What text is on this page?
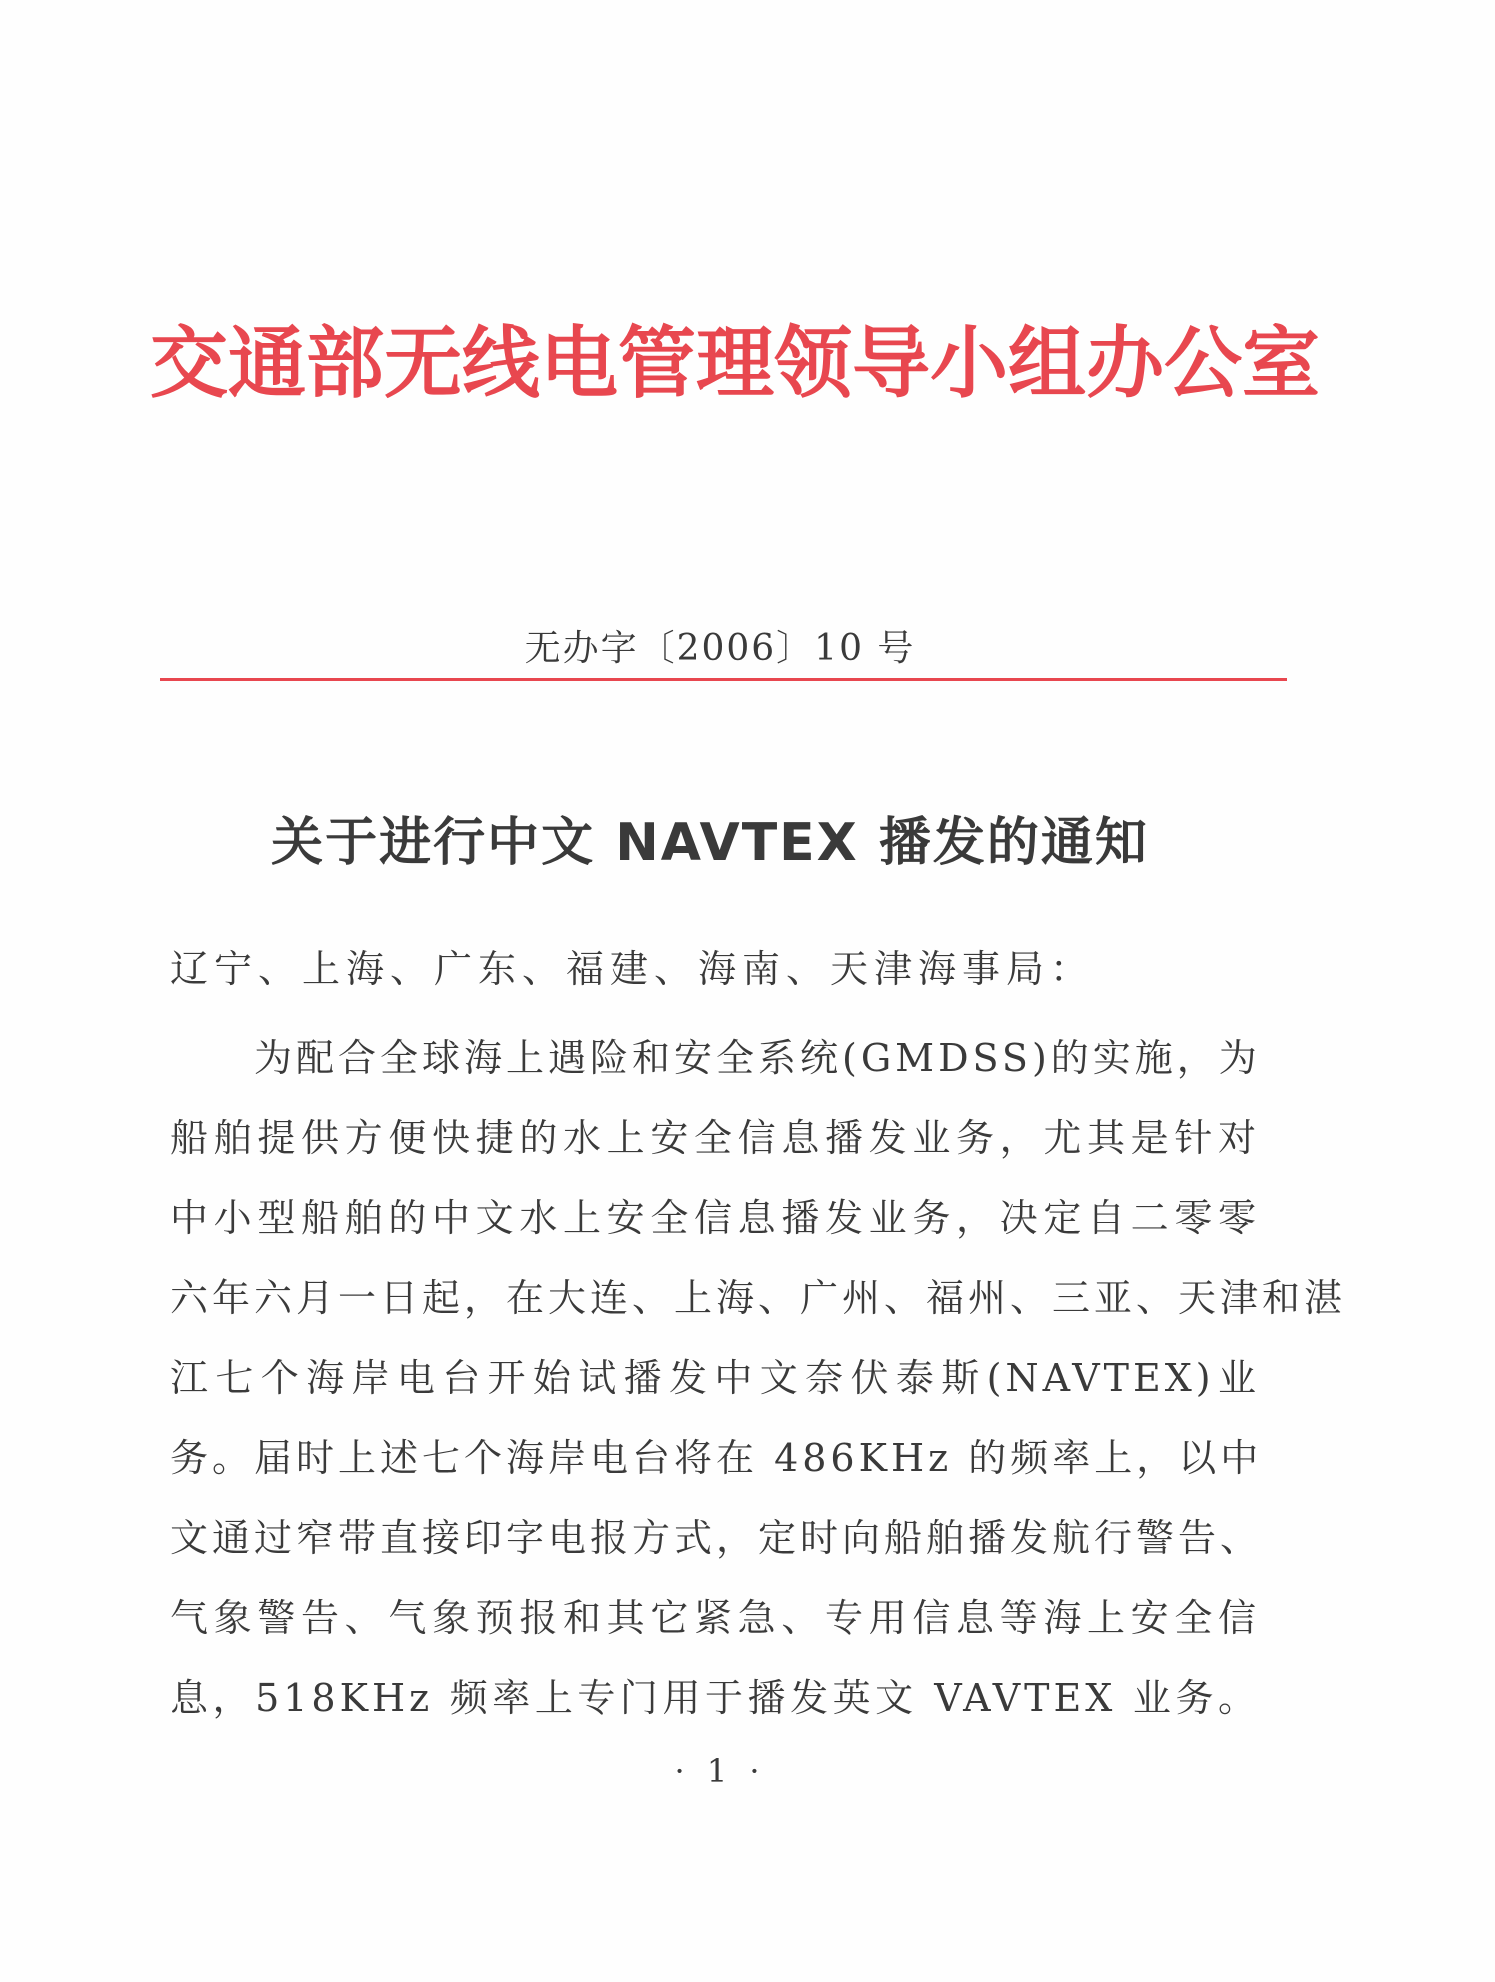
交通部无线电管理领导小组办公室
无办字〔2006〕10 号
关于进行中文 NAVTEX 播发的通知
辽宁、上海、广东、福建、海南、天津海事局：
为配合全球海上遇险和安全系统(GMDSS)的实施，为
船舶提供方便快捷的水上安全信息播发业务，尤其是针对
中小型船舶的中文水上安全信息播发业务，决定自二零零
六年六月一日起，在大连、上海、广州、福州、三亚、天津和湛
江七个海岸电台开始试播发中文奈伏泰斯(NAVTEX)业
务。届时上述七个海岸电台将在 486KHz 的频率上，以中
文通过窄带直接印字电报方式，定时向船舶播发航行警告、
气象警告、气象预报和其它紧急、专用信息等海上安全信
息，518KHz 频率上专门用于播发英文 VAVTEX 业务。
· 1 ·
